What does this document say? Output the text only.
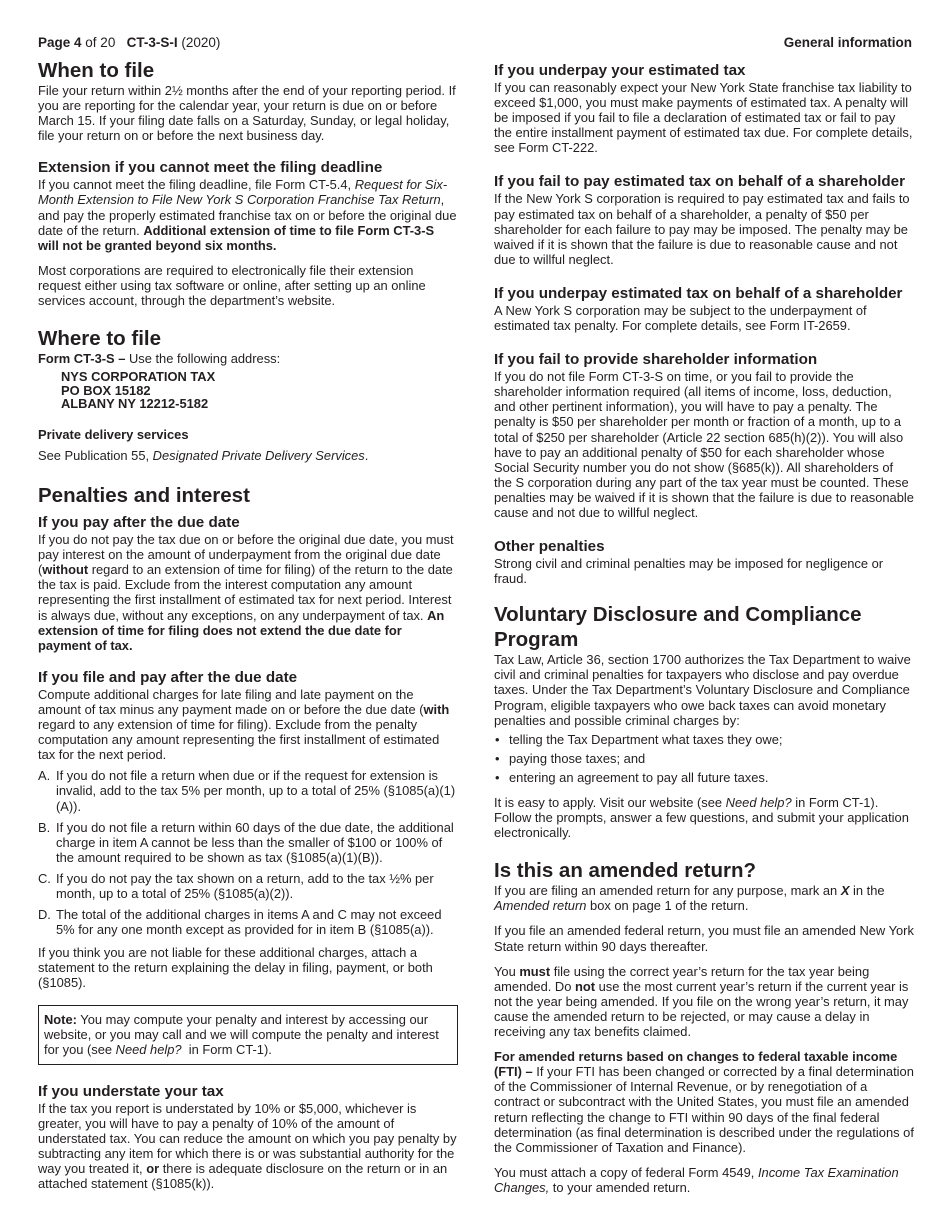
Page 4 of 20   CT-3-S-I (2020)	General information
When to file

File your return within 2½ months after the end of your reporting period. If you are reporting for the calendar year, your return is due on or before March 15. If your filing date falls on a Saturday, Sunday, or legal holiday, file your return on or before the next business day.

Extension if you cannot meet the filing deadline

If you cannot meet the filing deadline, file Form CT-5.4, Request for Six-Month Extension to File New York S Corporation Franchise Tax Return, and pay the properly estimated franchise tax on or before the original due date of the return. Additional extension of time to file Form CT-3-S will not be granted beyond six months.

Most corporations are required to electronically file their extension request either using tax software or online, after setting up an online services account, through the department’s website.

Where to file

Form CT-3-S – Use the following address:

NYS CORPORATION TAX
PO BOX 15182
ALBANY NY 12212-5182
Private delivery services

See Publication 55, Designated Private Delivery Services.

Penalties and interest
If you pay after the due date

If you do not pay the tax due on or before the original due date, you must pay interest on the amount of underpayment from the original due date (without regard to an extension of time for filing) of the return to the date the tax is paid. Exclude from the interest computation any amount representing the first installment of estimated tax for next period. Interest is always due, without any exceptions, on any underpayment of tax. An extension of time for filing does not extend the due date for payment of tax.

If you file and pay after the due date

Compute additional charges for late filing and late payment on the amount of tax minus any payment made on or before the due date (with regard to any extension of time for filing). Exclude from the penalty computation any amount representing the first installment of estimated tax for the next period.

A. If you do not file a return when due or if the request for extension is invalid, add to the tax 5% per month, up to a total of 25% (§1085(a)(1)(A)).
B. If you do not file a return within 60 days of the due date, the additional charge in item A cannot be less than the smaller of $100 or 100% of the amount required to be shown as tax (§1085(a)(1)(B)).
C. If you do not pay the tax shown on a return, add to the tax ½% per month, up to a total of 25% (§1085(a)(2)).
D. The total of the additional charges in items A and C may not exceed 5% for any one month except as provided for in item B (§1085(a)).

If you think you are not liable for these additional charges, attach a statement to the return explaining the delay in filing, payment, or both (§1085).

Note: You may compute your penalty and interest by accessing our website, or you may call and we will compute the penalty and interest for you (see Need help?  in Form CT-1).

If you understate your tax

If the tax you report is understated by 10% or $5,000, whichever is greater, you will have to pay a penalty of 10% of the amount of understated tax. You can reduce the amount on which you pay penalty by subtracting any item for which there is or was substantial authority for the way you treated it, or there is adequate disclosure on the return or in an attached statement (§1085(k)).

If you underpay your estimated tax

If you can reasonably expect your New York State franchise tax liability to exceed $1,000, you must make payments of estimated tax. A penalty will be imposed if you fail to file a declaration of estimated tax or fail to pay the entire installment payment of estimated tax due. For complete details, see Form CT-222.

If you fail to pay estimated tax on behalf of a shareholder

If the New York S corporation is required to pay estimated tax and fails to pay estimated tax on behalf of a shareholder, a penalty of $50 per shareholder for each failure to pay may be imposed. The penalty may be waived if it is shown that the failure is due to reasonable cause and not due to willful neglect.

If you underpay estimated tax on behalf of a shareholder

A New York S corporation may be subject to the underpayment of estimated tax penalty. For complete details, see Form IT-2659.

If you fail to provide shareholder information

If you do not file Form CT-3-S on time, or you fail to provide the shareholder information required (all items of income, loss, deduction, and other pertinent information), you will have to pay a penalty. The penalty is $50 per shareholder per month or fraction of a month, up to a total of $250 per shareholder (Article 22 section 685(h)(2)). You will also have to pay an additional penalty of $50 for each shareholder whose Social Security number you do not show (§685(k)). All shareholders of the S corporation during any part of the tax year must be counted. These penalties may be waived if it is shown that the failure is due to reasonable cause and not due to willful neglect.

Other penalties

Strong civil and criminal penalties may be imposed for negligence or fraud.

Voluntary Disclosure and Compliance Program

Tax Law, Article 36, section 1700 authorizes the Tax Department to waive civil and criminal penalties for taxpayers who disclose and pay overdue taxes. Under the Tax Department’s Voluntary Disclosure and Compliance Program, eligible taxpayers who owe back taxes can avoid monetary penalties and possible criminal charges by:

• telling the Tax Department what taxes they owe;
• paying those taxes; and
• entering an agreement to pay all future taxes.

It is easy to apply. Visit our website (see Need help? in Form CT-1). Follow the prompts, answer a few questions, and submit your application electronically.

Is this an amended return?

If you are filing an amended return for any purpose, mark an X in the Amended return box on page 1 of the return.

If you file an amended federal return, you must file an amended New York State return within 90 days thereafter.

You must file using the correct year’s return for the tax year being amended. Do not use the most current year’s return if the current year is not the year being amended. If you file on the wrong year’s return, it may cause the amended return to be rejected, or may cause a delay in receiving any tax benefits claimed.

For amended returns based on changes to federal taxable income (FTI) – If your FTI has been changed or corrected by a final determination of the Commissioner of Internal Revenue, or by renegotiation of a contract or subcontract with the United States, you must file an amended return reflecting the change to FTI within 90 days of the final federal determination (as final determination is described under the regulations of the Commissioner of Taxation and Finance).

You must attach a copy of federal Form 4549, Income Tax Examination Changes, to your amended return.
